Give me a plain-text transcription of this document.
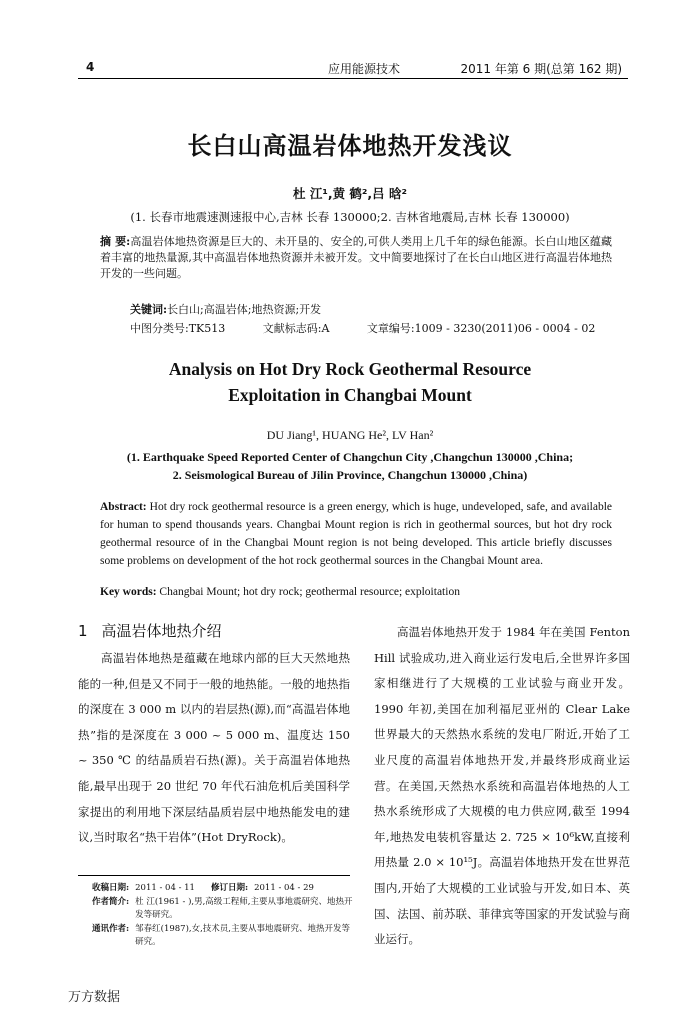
4	应用能源技术	2011 年第 6 期(总第 162 期)
长白山高温岩体地热开发浅议
杜 江¹,黄 鹤²,吕 晗²
(1. 长春市地震速测速报中心,吉林 长春 130000;2. 吉林省地震局,吉林 长春 130000)
摘 要:高温岩体地热资源是巨大的、未开垦的、安全的,可供人类用上几千年的绿色能源。长白山地区蕴藏着丰富的地热量源,其中高温岩体地热资源并未被开发。文中简要地探讨了在长白山地区进行高温岩体地热开发的一些问题。
关键词:长白山;高温岩体;地热资源;开发
中图分类号:TK513	文献标志码:A	文章编号:1009 - 3230(2011)06 - 0004 - 02
Analysis on Hot Dry Rock Geothermal Resource
Exploitation in Changbai Mount
DU Jiang¹, HUANG He², LV Han²
(1. Earthquake Speed Reported Center of Changchun City ,Changchun 130000 ,China;
2. Seismological Bureau of Jilin Province, Changchun 130000 ,China)
Abstract: Hot dry rock geothermal resource is a green energy, which is huge, undeveloped, safe, and available for human to spend thousands years. Changbai Mount region is rich in geothermal sources, but hot dry rock geothermal resource of in the Changbai Mount region is not being developed. This article briefly discusses some problems on development of the hot rock geothermal sources in the Changbai Mount area.
Key words: Changbai Mount; hot dry rock; geothermal resource; exploitation
1 高温岩体地热介绍

高温岩体地热是蕴藏在地球内部的巨大天然地热能的一种,但是又不同于一般的地热能。一般的地热指的深度在 3 000 m 以内的岩层热(源),而“高温岩体地热”指的是深度在 3 000 ~ 5 000 m、温度达 150 ~ 350 ℃ 的结晶质岩石热(源)。关于高温岩体地热能,最早出现于 20 世纪 70 年代石油危机后美国科学家提出的利用地下深层结晶质岩层中地热能发电的建议,当时取名“热干岩体”(Hot DryRock)。

高温岩体地热开发于 1984 年在美国 Fenton Hill 试验成功,进入商业运行发电后,全世界许多国家相继进行了大规模的工业试验与商业开发。1990 年初,美国在加利福尼亚州的 Clear Lake 世界最大的天然热水系统的发电厂附近,开始了工业尺度的高温岩体地热开发,并最终形成商业运营。在美国,天然热水系统和高温岩体地热的人工热水系统形成了大规模的电力供应网,截至 1994 年,地热发电装机容量达 2. 725 × 10⁶kW,直接利用热量 2.0 × 10¹⁵J。高温岩体地热开发在世界范围内,开始了大规模的工业试验与开发,如日本、英国、法国、前苏联、菲律宾等国家的开发试验与商业运行。

收稿日期: 2011 - 04 - 11 修订日期: 2011 - 04 - 29
作者简介: 杜 江(1961 - ),男,高级工程师,主要从事地震研究、地热开发等研究。
通讯作者: 邹春红(1987),女,技术员,主要从事地震研究、地热开发等研究。
万方数据
